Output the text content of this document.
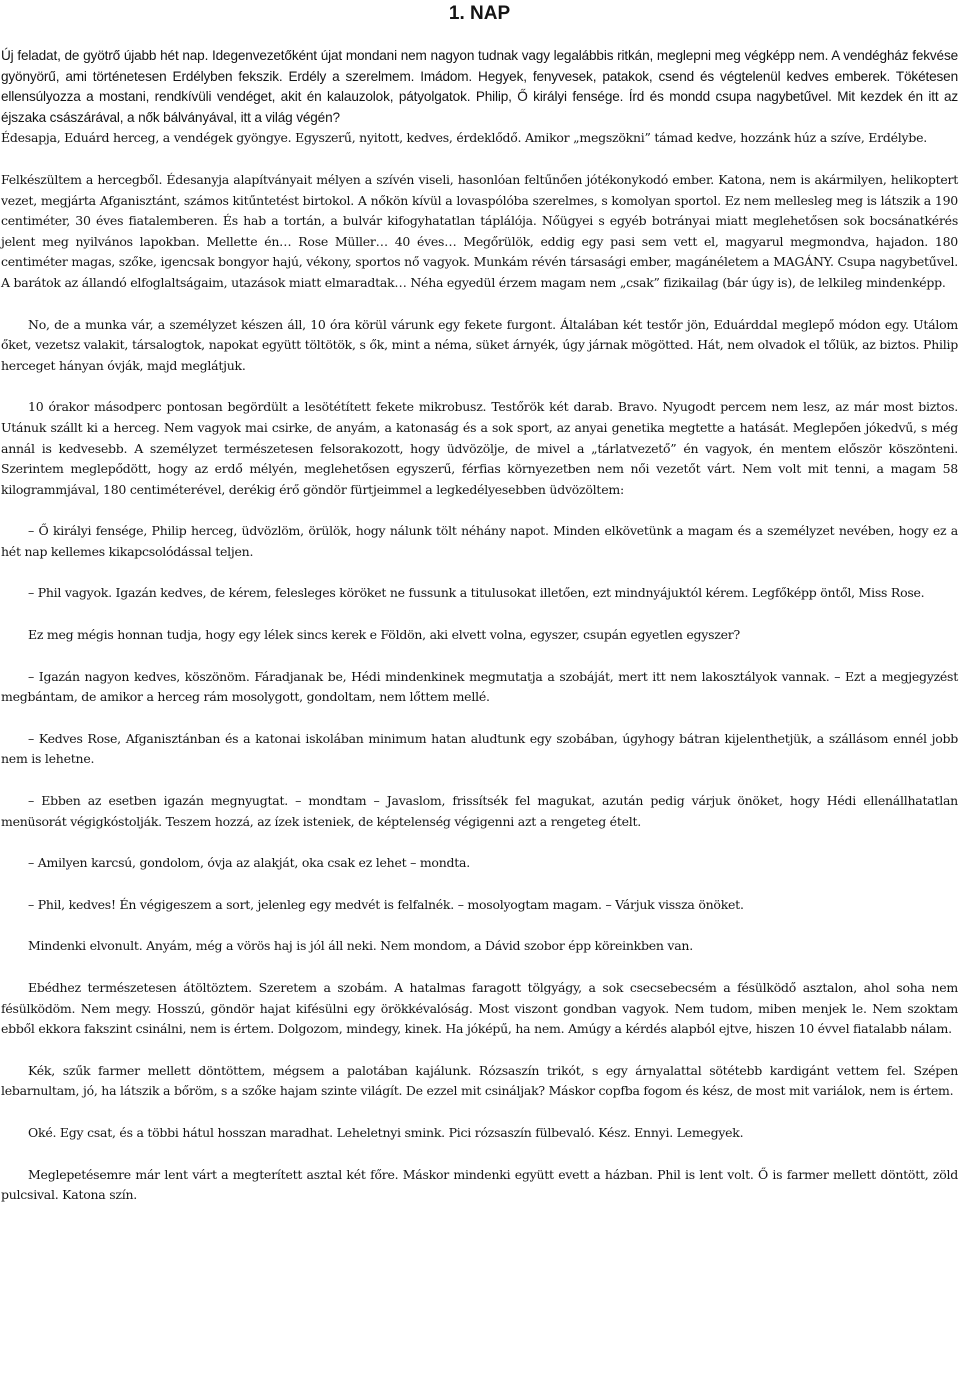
1. NAP

Új feladat, de gyötrő újabb hét nap. Idegenvezetőként újat mondani nem nagyon tudnak vagy legalábbis ritkán, meglepni meg végképp nem. A vendégház fekvése gyönyörű, ami történetesen Erdélyben fekszik. Erdély a szerelmem. Imádom. Hegyek, fenyvesek, patakok, csend és végtelenül kedves emberek. Tökétesen ellensúlyozza a mostani, rendkívüli vendéget, akit én kalauzolok, pátyolgatok. Philip, Ő királyi fensége. Írd és mondd csupa nagybetűvel. Mit kezdek én itt az éjszaka császárával, a nők bálványával, itt a világ végén?

Édesapja, Eduárd herceg, a vendégek gyöngye. Egyszerű, nyitott, kedves, érdeklődő. Amikor „megszökni” támad kedve, hozzánk húz a szíve, Erdélybe.

Felkészültem a hercegből. Édesanyja alapítványait mélyen a szívén viseli, hasonlóan feltűnően jótékonykodó ember. Katona, nem is akármilyen, helikoptert vezet, megjárta Afganisztánt, számos kitűntetést birtokol. A nőkön kívül a lovaspólóba szerelmes, s komolyan sportol. Ez nem mellesleg meg is látszik a 190 centiméter, 30 éves fiatalemberen. És hab a tortán, a bulvár kifogyhatatlan táplálója. Nőügyei s egyéb botrányai miatt meglehetősen sok bocsánatkérés jelent meg nyilvános lapokban. Mellette én… Rose Müller… 40 éves… Megőrülök, eddig egy pasi sem vett el, magyarul megmondva, hajadon. 180 centiméter magas, szőke, igencsak bongyor hajú, vékony, sportos nő vagyok. Munkám révén társasági ember, magánéletem a MAGÁNY. Csupa nagybetűvel. A barátok az állandó elfoglaltságaim, utazások miatt elmaradtak… Néha egyedül érzem magam nem „csak” fizikailag (bár úgy is), de lelkileg mindenképp.

No, de a munka vár, a személyzet készen áll, 10 óra körül várunk egy fekete furgont. Általában két testőr jön, Eduárddal meglepő módon egy. Utálom őket, vezetsz valakit, társalogtok, napokat együtt töltötök, s ők, mint a néma, süket árnyék, úgy járnak mögötted. Hát, nem olvadok el tőlük, az biztos. Philip herceget hányan óvják, majd meglátjuk.

10 órakor másodperc pontosan begördült a lesötétített fekete mikrobusz. Testőrök két darab. Bravo. Nyugodt percem nem lesz, az már most biztos. Utánuk szállt ki a herceg. Nem vagyok mai csirke, de anyám, a katonaság és a sok sport, az anyai genetika megtette a hatását. Meglepően jókedvű, s még annál is kedvesebb. A személyzet természetesen felsorakozott, hogy üdvözölje, de mivel a „tárlatvezető” én vagyok, én mentem először köszönteni. Szerintem meglepődött, hogy az erdő mélyén, meglehetősen egyszerű, férfias környezetben nem női vezetőt várt. Nem volt mit tenni, a magam 58 kilogrammjával, 180 centiméterével, derékig érő göndör fürtjeimmel a legkedélyesebben üdvözöltem:

– Ő királyi fensége, Philip herceg, üdvözlöm, örülök, hogy nálunk tölt néhány napot. Minden elkövetünk a magam és a személyzet nevében, hogy ez a hét nap kellemes kikapcsolódással teljen.

– Phil vagyok. Igazán kedves, de kérem, felesleges köröket ne fussunk a titulusokat illetően, ezt mindnyájuktól kérem. Legfőképp öntől, Miss Rose.

Ez meg mégis honnan tudja, hogy egy lélek sincs kerek e Földön, aki elvett volna, egyszer, csupán egyetlen egyszer?

– Igazán nagyon kedves, köszönöm. Fáradjanak be, Hédi mindenkinek megmutatja a szobáját, mert itt nem lakosztályok vannak. – Ezt a megjegyzést megbántam, de amikor a herceg rám mosolygott, gondoltam, nem lőttem mellé.

– Kedves Rose, Afganisztánban és a katonai iskolában minimum hatan aludtunk egy szobában, úgyhogy bátran kijelenthetjük, a szállásom ennél jobb nem is lehetne.

– Ebben az esetben igazán megnyugtat. – mondtam – Javaslom, frissítsék fel magukat, azután pedig várjuk önöket, hogy Hédi ellenállhatatlan menüsorát végigkóstolják. Teszem hozzá, az ízek isteniek, de képtelenség végigenni azt a rengeteg ételt.

– Amilyen karcsú, gondolom, óvja az alakját, oka csak ez lehet – mondta.

– Phil, kedves! Én végigeszem a sort, jelenleg egy medvét is felfalnék. – mosolyogtam magam. – Várjuk vissza önöket.

Mindenki elvonult. Anyám, még a vörös haj is jól áll neki. Nem mondom, a Dávid szobor épp köreinkben van.

Ebédhez természetesen átöltöztem. Szeretem a szobám. A hatalmas faragott tölgyágy, a sok csecsebecsém a fésülködő asztalon, ahol soha nem fésülködöm. Nem megy. Hosszú, göndör hajat kifésülni egy örökkévalóság. Most viszont gondban vagyok. Nem tudom, miben menjek le. Nem szoktam ebből ekkora fakszint csinálni, nem is értem. Dolgozom, mindegy, kinek. Ha jóképű, ha nem. Amúgy a kérdés alapból ejtve, hiszen 10 évvel fiatalabb nálam.

Kék, szűk farmer mellett döntöttem, mégsem a palotában kajálunk. Rózsaszín trikót, s egy árnyalattal sötétebb kardigánt vettem fel. Szépen lebarnultam, jó, ha látszik a bőröm, s a szőke hajam szinte világít. De ezzel mit csináljak? Máskor copfba fogom és kész, de most mit variálok, nem is értem.

Oké. Egy csat, és a többi hátul hosszan maradhat. Leheletnyi smink. Pici rózsaszín fülbevaló. Kész. Ennyi. Lemegyek.

Meglepetésemre már lent várt a megterített asztal két főre. Máskor mindenki együtt evett a házban. Phil is lent volt. Ő is farmer mellett döntött, zöld pulcsival. Katona szín.
